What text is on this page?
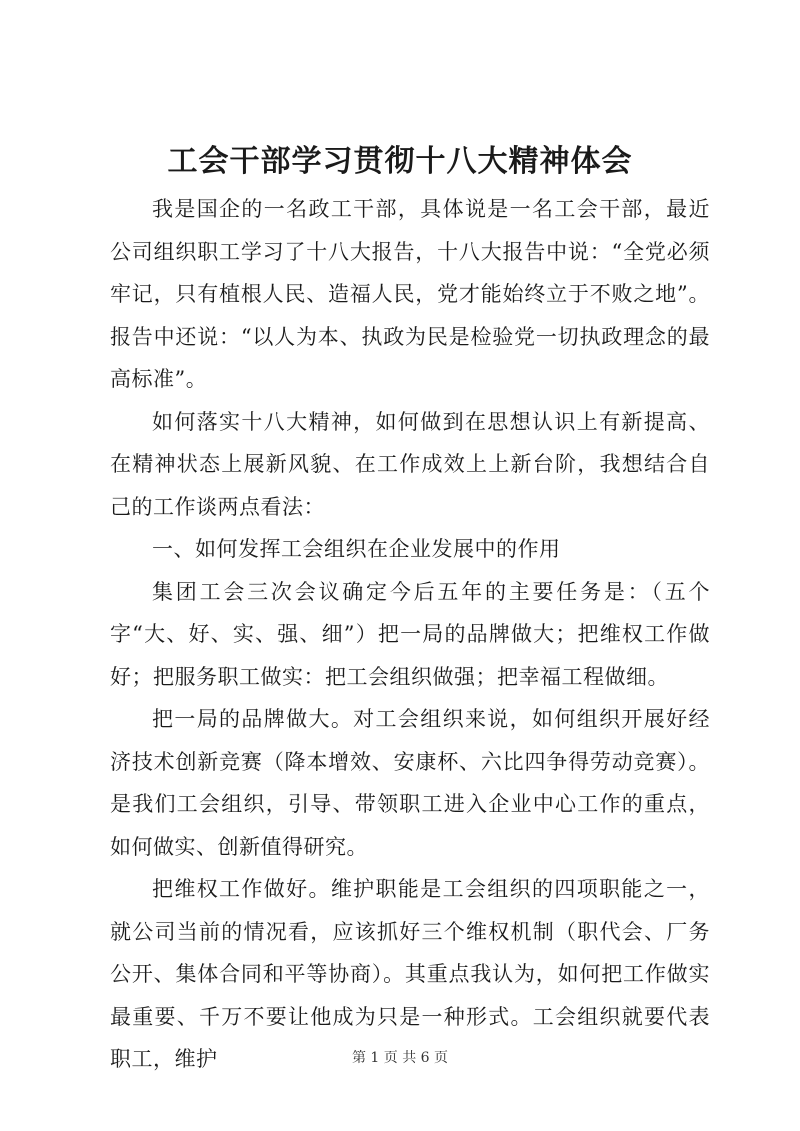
工会干部学习贯彻十八大精神体会

我是国企的一名政工干部，具体说是一名工会干部，最近公司组织职工学习了十八大报告，十八大报告中说：“全党必须牢记，只有植根人民、造福人民，党才能始终立于不败之地”。报告中还说：“以人为本、执政为民是检验党一切执政理念的最高标准”。

如何落实十八大精神，如何做到在思想认识上有新提高、在精神状态上展新风貌、在工作成效上上新台阶，我想结合自己的工作谈两点看法：

一、如何发挥工会组织在企业发展中的作用

集团工会三次会议确定今后五年的主要任务是：（五个字“大、好、实、强、细”）把一局的品牌做大；把维权工作做好；把服务职工做实：把工会组织做强；把幸福工程做细。

把一局的品牌做大。对工会组织来说，如何组织开展好经济技术创新竞赛（降本增效、安康杯、六比四争得劳动竞赛）。是我们工会组织，引导、带领职工进入企业中心工作的重点，如何做实、创新值得研究。

把维权工作做好。维护职能是工会组织的四项职能之一，就公司当前的情况看，应该抓好三个维权机制（职代会、厂务公开、集体合同和平等协商）。其重点我认为，如何把工作做实最重要、千万不要让他成为只是一种形式。工会组织就要代表职工，维护	第 1 页 共 6 页
